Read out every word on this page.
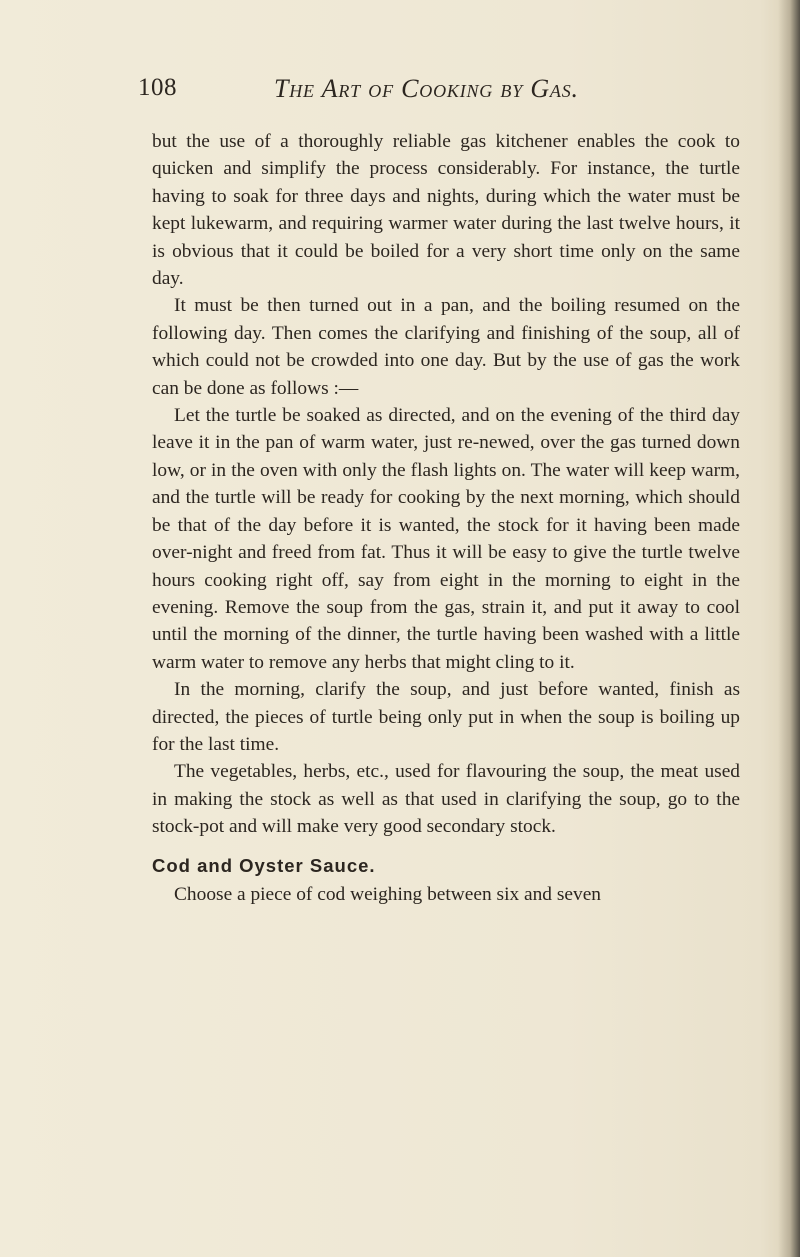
108	The Art of Cooking by Gas.

but the use of a thoroughly reliable gas kitchener enables the cook to quicken and simplify the process considerably. For instance, the turtle having to soak for three days and nights, during which the water must be kept lukewarm, and requiring warmer water during the last twelve hours, it is obvious that it could be boiled for a very short time only on the same day.

It must be then turned out in a pan, and the boiling resumed on the following day. Then comes the clarifying and finishing of the soup, all of which could not be crowded into one day. But by the use of gas the work can be done as follows :—

Let the turtle be soaked as directed, and on the evening of the third day leave it in the pan of warm water, just re-newed, over the gas turned down low, or in the oven with only the flash lights on. The water will keep warm, and the turtle will be ready for cooking by the next morning, which should be that of the day before it is wanted, the stock for it having been made over-night and freed from fat. Thus it will be easy to give the turtle twelve hours cooking right off, say from eight in the morning to eight in the evening. Remove the soup from the gas, strain it, and put it away to cool until the morning of the dinner, the turtle having been washed with a little warm water to remove any herbs that might cling to it.

In the morning, clarify the soup, and just before wanted, finish as directed, the pieces of turtle being only put in when the soup is boiling up for the last time.

The vegetables, herbs, etc., used for flavouring the soup, the meat used in making the stock as well as that used in clarifying the soup, go to the stock-pot and will make very good secondary stock.

Cod and Oyster Sauce.

Choose a piece of cod weighing between six and seven
